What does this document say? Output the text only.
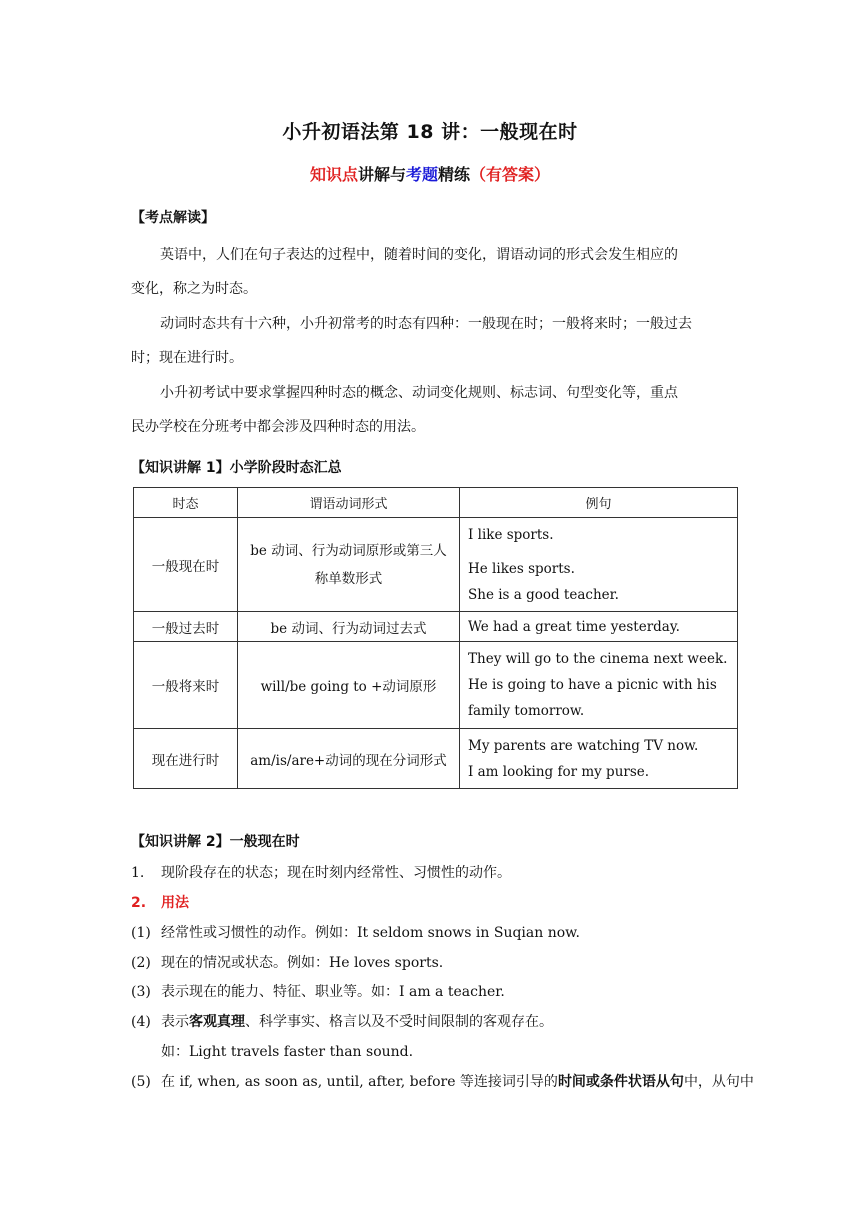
小升初语法第 18 讲：一般现在时
知识点讲解与考题精练（有答案）
【考点解读】
英语中，人们在句子表达的过程中，随着时间的变化，谓语动词的形式会发生相应的
变化，称之为时态。
动词时态共有十六种，小升初常考的时态有四种：一般现在时；一般将来时；一般过去
时；现在进行时。
小升初考试中要求掌握四种时态的概念、动词变化规则、标志词、句型变化等，重点
民办学校在分班考中都会涉及四种时态的用法。
【知识讲解 1】小学阶段时态汇总
时态	谓语动词形式	例句
一般现在时	be 动词、行为动词原形或第三人称单数形式	I like sports.
He likes sports.
She is a good teacher.

一般过去时	be 动词、行为动词过去式	We had a great time yesterday.

一般将来时	will/be going to +动词原形	They will go to the cinema next week.
He is going to have a picnic with his
family tomorrow.

现在进行时	am/is/are+动词的现在分词形式	My parents are watching TV now.
I am looking for my purse.
【知识讲解 2】一般现在时
1. 现阶段存在的状态；现在时刻内经常性、习惯性的动作。
2. 用法
(1) 经常性或习惯性的动作。例如：It seldom snows in Suqian now.
(2) 现在的情况或状态。例如：He loves sports.
(3) 表示现在的能力、特征、职业等。如：I am a teacher.
(4) 表示客观真理、科学事实、格言以及不受时间限制的客观存在。
如：Light travels faster than sound.
(5) 在 if, when, as soon as, until, after, before 等连接词引导的时间或条件状语从句中，从句中
